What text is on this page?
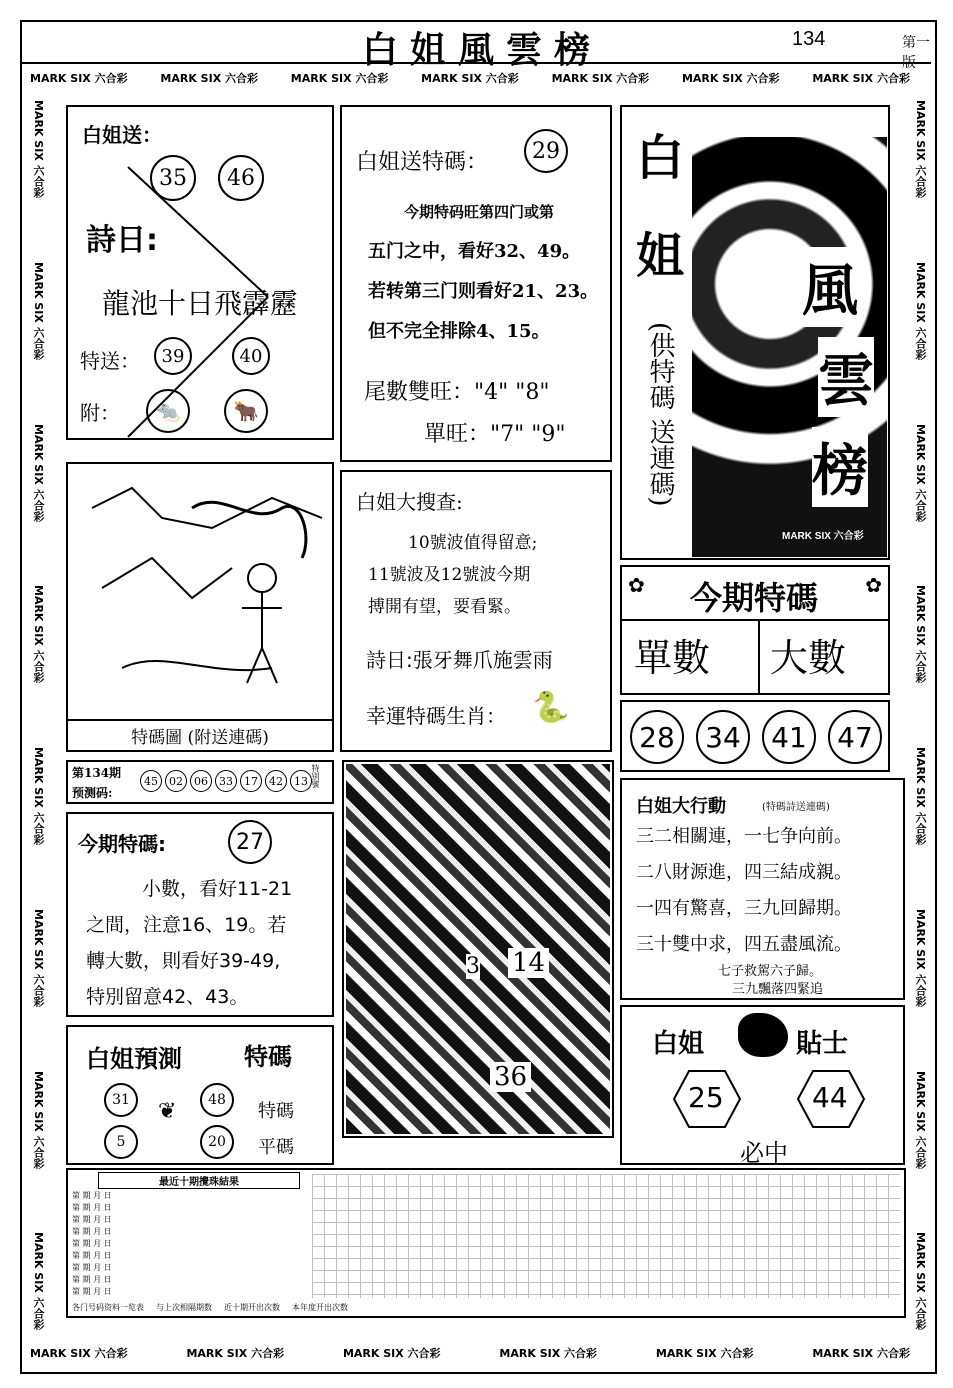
白姐風雲榜	134	第一版
MARK SIX 六合彩	MARK SIX 六合彩	MARK SIX 六合彩	MARK SIX 六合彩	MARK SIX 六合彩	MARK SIX 六合彩	MARK SIX 六合彩
MARK SIX 六合彩	MARK SIX 六合彩	MARK SIX 六合彩	MARK SIX 六合彩	MARK SIX 六合彩	MARK SIX 六合彩
MARK SIX 六合彩
MARK SIX 六合彩
MARK SIX 六合彩
MARK SIX 六合彩
MARK SIX 六合彩
MARK SIX 六合彩
MARK SIX 六合彩
MARK SIX 六合彩
MARK SIX 六合彩
MARK SIX 六合彩
MARK SIX 六合彩
MARK SIX 六合彩
MARK SIX 六合彩
MARK SIX 六合彩
MARK SIX 六合彩
MARK SIX 六合彩
白姐送：
35	46
詩日:
龍池十日飛霹靂
特送：	39	40
附：	🐀	🐂
白姐送特碼：	29
今期特码旺第四门或第
五门之中，看好32、49。
若转第三门则看好21、23。
但不完全排除4、15。
尾數雙旺："4" "8"
單旺："7" "9"
白
姐
風
雲
榜
(供特碼 送連碼)
MARK SIX 六合彩
特碼圖 (附送連碼)
白姐大搜查:
10號波值得留意;
11號波及12號波今期
搏開有望，要看緊。
詩日:張牙舞爪施雲雨
幸運特碼生肖： 🐍
✿	✿
今期特碼
單數 大數
28	34	41	47
第134期
预测码:
45	02	06	33	17	42	13 特别號
今期特碼:	27
小數，看好11-21
之間，注意16、19。若
轉大數，則看好39-49,
特別留意42、43。
3 14
36
白姐大行動	(特碼詩送連碼)
三二相關連，一七争向前。
二八財源進，四三結成親。
一四有驚喜，三九回歸期。
三十雙中求，四五盡風流。
七子救駕六子歸。
三九飄落四緊追
白姐	貼士
25	44
必中
白姐預測	特碼
31	48
特碼
5	20	平碼
❦
最近十期攪珠結果
第 期 月 日
第 期 月 日
第 期 月 日
第 期 月 日
第 期 月 日
第 期 月 日
第 期 月 日
第 期 月 日
第 期 月 日
各门号码资料一览表 与上次相隔期数 近十期开出次数 本年度开出次数
